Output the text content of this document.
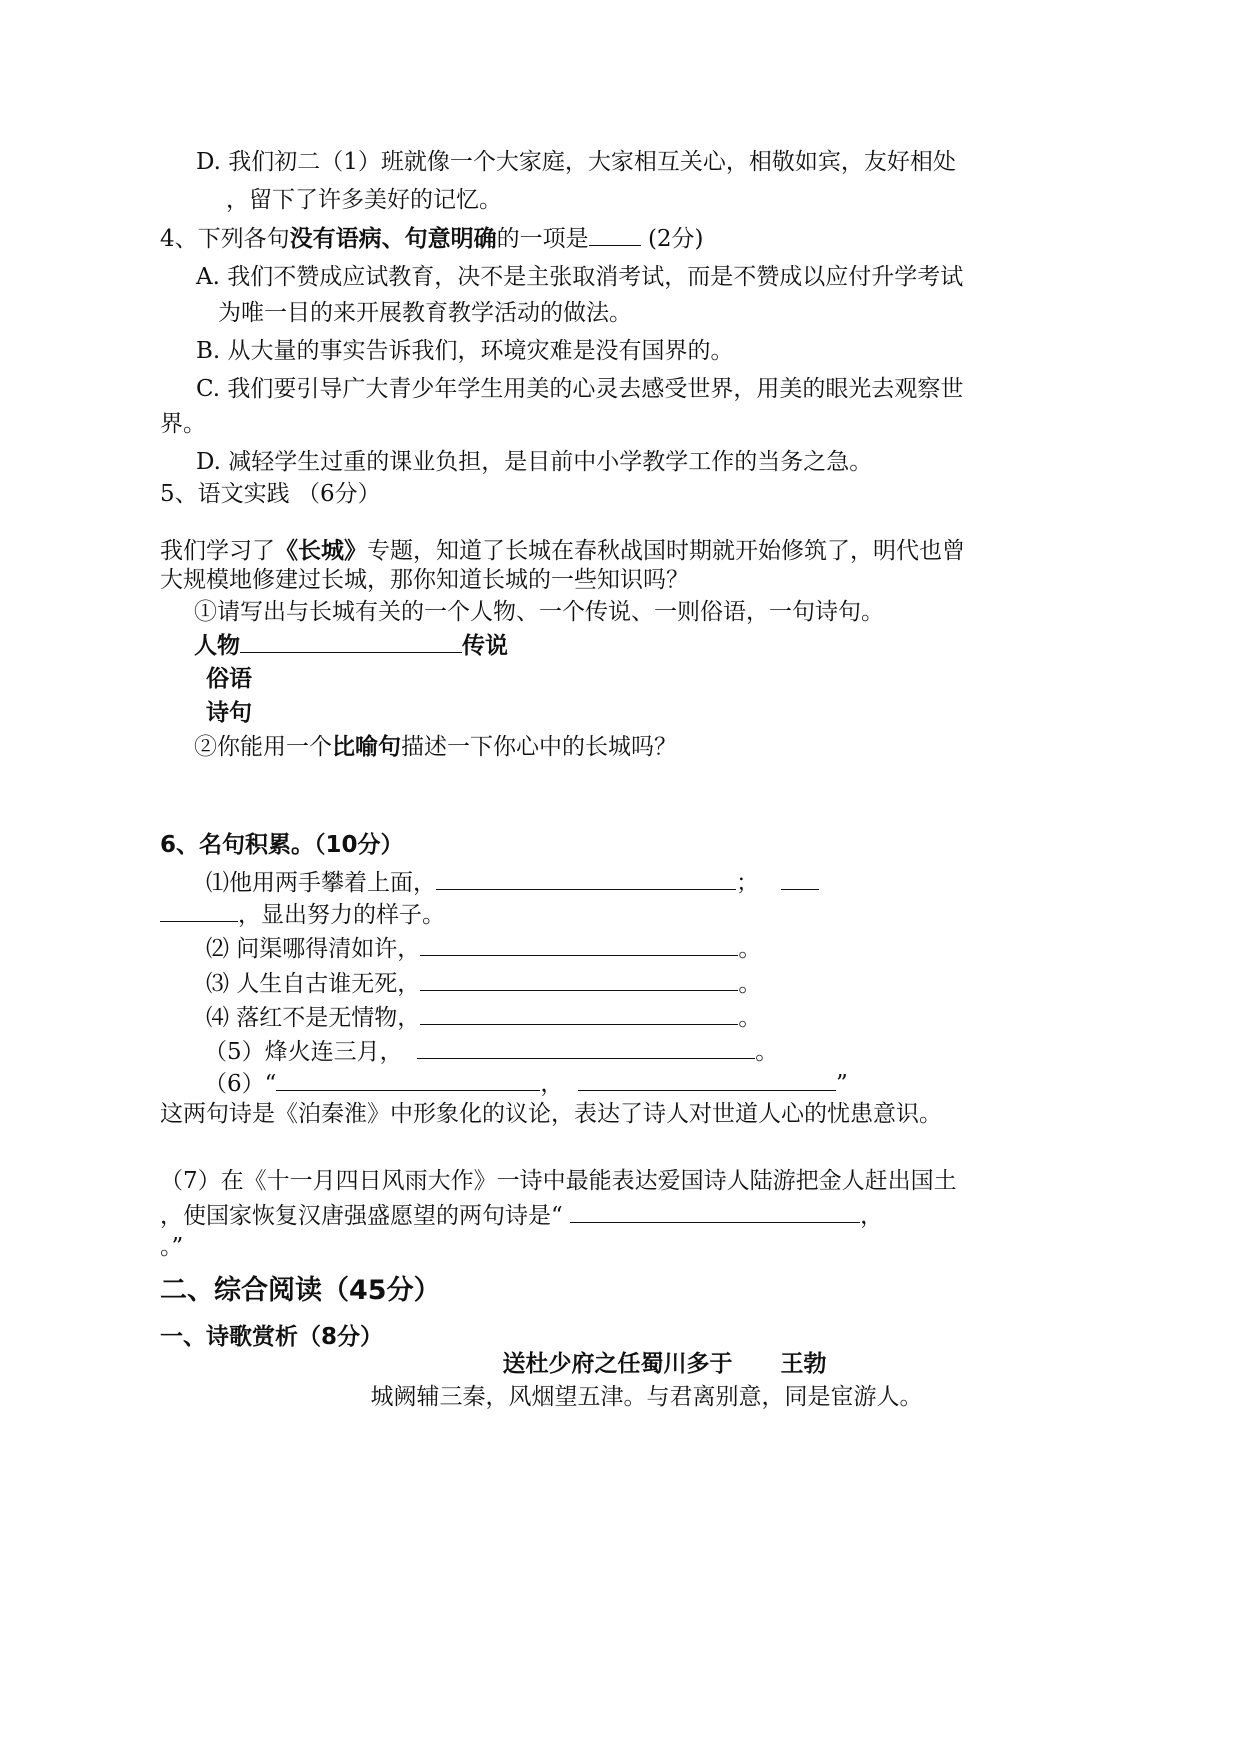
D. 我们初二（1）班就像一个大家庭，大家相互关心，相敬如宾，友好相处
，留下了许多美好的记忆。
4、下列各句没有语病、句意明确的一项是	(2分)
A. 我们不赞成应试教育，决不是主张取消考试，而是不赞成以应付升学考试
为唯一目的来开展教育教学活动的做法。
B. 从大量的事实告诉我们，环境灾难是没有国界的。
C. 我们要引导广大青少年学生用美的心灵去感受世界，用美的眼光去观察世
界。
D. 减轻学生过重的课业负担，是目前中小学教学工作的当务之急。
5、语文实践 （6分）
我们学习了《长城》专题，知道了长城在春秋战国时期就开始修筑了，明代也曾
大规模地修建过长城，那你知道长城的一些知识吗？
①请写出与长城有关的一个人物、一个传说、一则俗语，一句诗句。
人物	传说
俗语
诗句
②你能用一个比喻句描述一下你心中的长城吗？
6、名句积累。（10分）
⑴他用两手攀着上面，	；
，显出努力的样子。
⑵ 问渠哪得清如许，	。
⑶ 人生自古谁无死，	。
⑷ 落红不是无情物，	。
（5）烽火连三月，	。
（6）“	，	”
这两句诗是《泊秦淮》中形象化的议论，表达了诗人对世道人心的忧患意识。
（7）在《十一月四日风雨大作》一诗中最能表达爱国诗人陆游把金人赶出国土
，使国家恢复汉唐强盛愿望的两句诗是“	，
。”
二、综合阅读（45分）
一、诗歌赏析（8分）
送杜少府之任蜀川多于 王勃
城阙辅三秦，风烟望五津。与君离别意，同是宦游人。
